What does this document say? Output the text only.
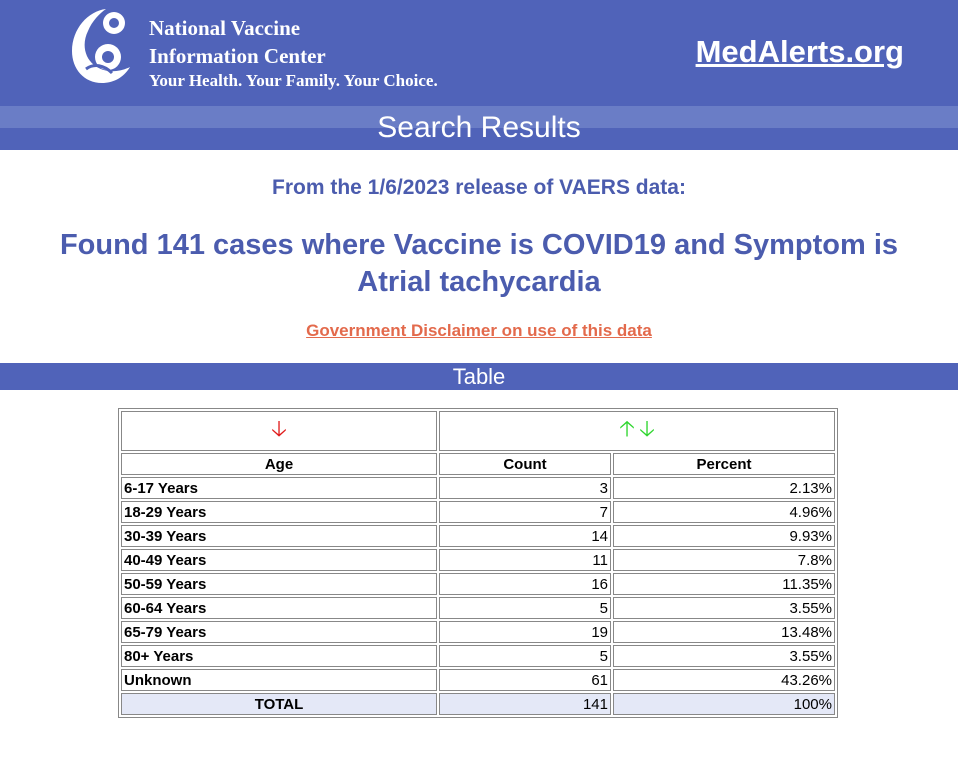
National Vaccine
Information Center
Your Health. Your Family. Your Choice.
MedAlerts.org
Search Results
From the 1/6/2023 release of VAERS data:
Found 141 cases where Vaccine is COVID19 and Symptom is
Atrial tachycardia
Government Disclaimer on use of this data
Table
🡣	🡡 🡣	
Age	Count	Percent
6-17 Years	3	2.13%
18-29 Years	7	4.96%
30-39 Years	14	9.93%
40-49 Years	11	7.8%
50-59 Years	16	11.35%
60-64 Years	5	3.55%
65-79 Years	19	13.48%
80+ Years	5	3.55%
Unknown	61	43.26%
TOTAL	141	100%
